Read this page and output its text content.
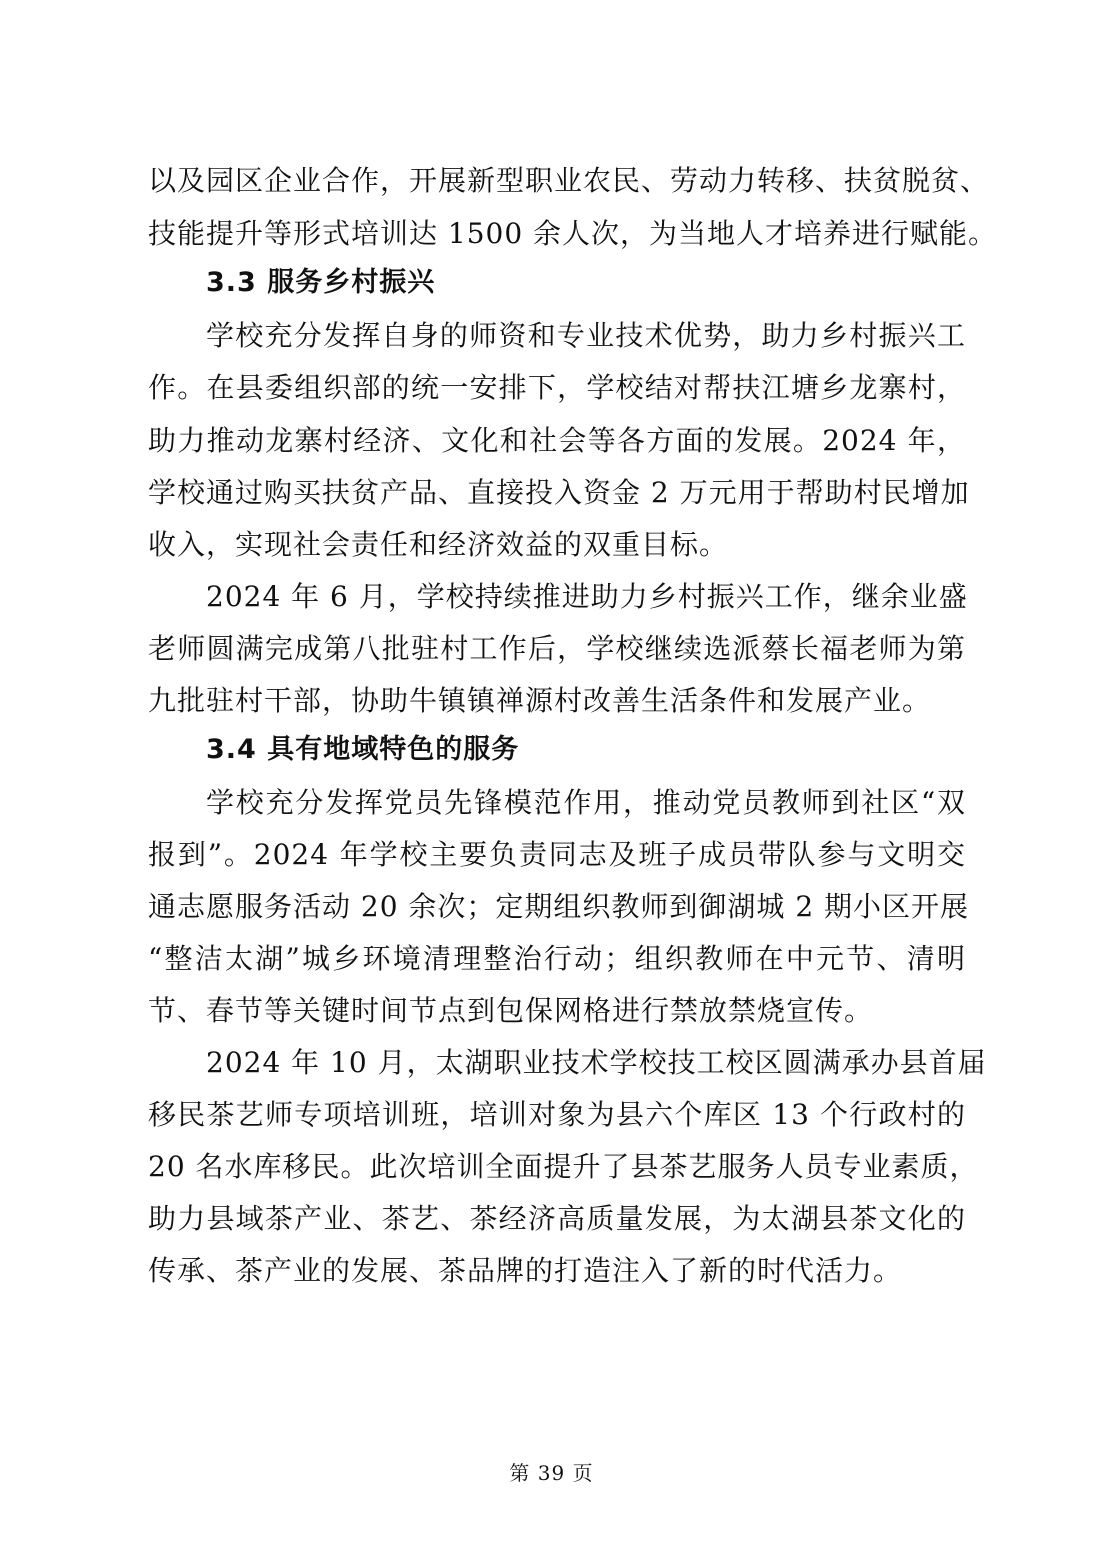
以及园区企业合作，开展新型职业农民、劳动力转移、扶贫脱贫、
技能提升等形式培训达 1500 余人次，为当地人才培养进行赋能。
3.3 服务乡村振兴
学校充分发挥自身的师资和专业技术优势，助力乡村振兴工
作。在县委组织部的统一安排下，学校结对帮扶江塘乡龙寨村，
助力推动龙寨村经济、文化和社会等各方面的发展。2024 年，
学校通过购买扶贫产品、直接投入资金 2 万元用于帮助村民增加
收入，实现社会责任和经济效益的双重目标。
2024 年 6 月，学校持续推进助力乡村振兴工作，继余业盛
老师圆满完成第八批驻村工作后，学校继续选派蔡长福老师为第
九批驻村干部，协助牛镇镇禅源村改善生活条件和发展产业。
3.4 具有地域特色的服务
学校充分发挥党员先锋模范作用，推动党员教师到社区“双
报到”。2024 年学校主要负责同志及班子成员带队参与文明交
通志愿服务活动 20 余次；定期组织教师到御湖城 2 期小区开展
“整洁太湖”城乡环境清理整治行动；组织教师在中元节、清明
节、春节等关键时间节点到包保网格进行禁放禁烧宣传。
2024 年 10 月，太湖职业技术学校技工校区圆满承办县首届
移民茶艺师专项培训班，培训对象为县六个库区 13 个行政村的
20 名水库移民。此次培训全面提升了县茶艺服务人员专业素质，
助力县域茶产业、茶艺、茶经济高质量发展，为太湖县茶文化的
传承、茶产业的发展、茶品牌的打造注入了新的时代活力。
第 39 页
